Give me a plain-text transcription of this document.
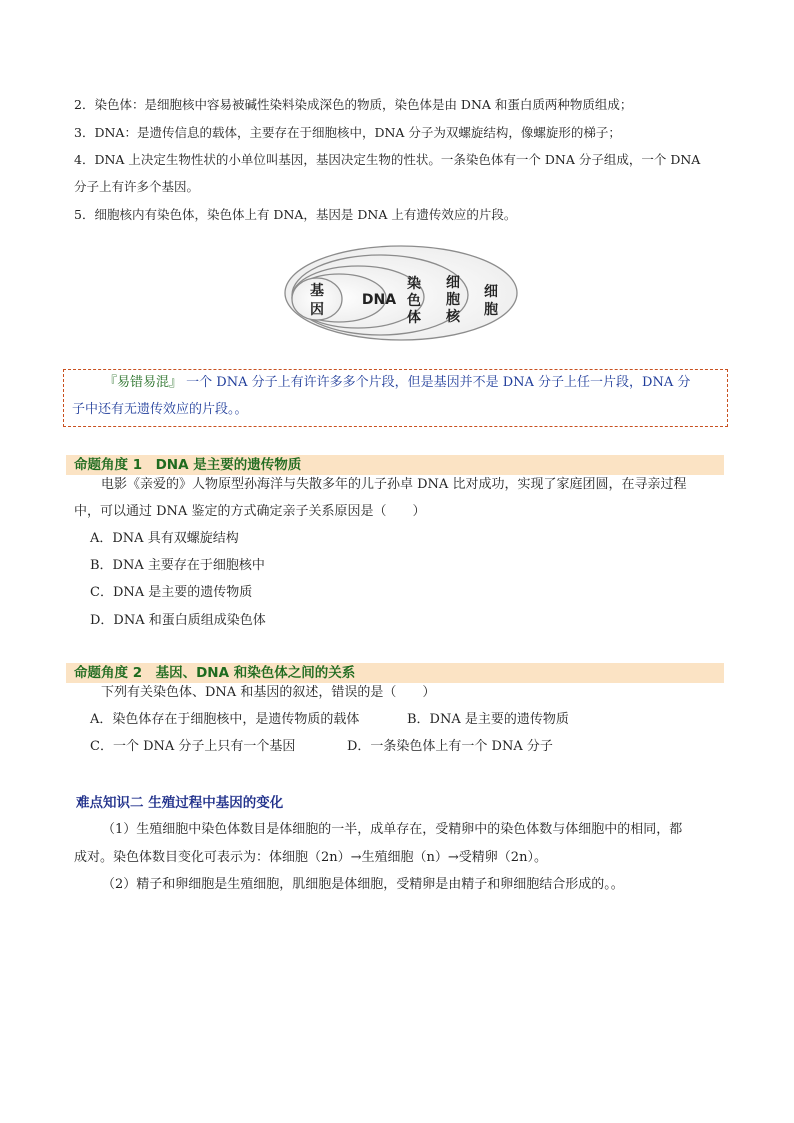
2．染色体：是细胞核中容易被碱性染料染成深色的物质，染色体是由 DNA 和蛋白质两种物质组成；
3．DNA：是遗传信息的载体，主要存在于细胞核中，DNA 分子为双螺旋结构，像螺旋形的梯子；
4．DNA 上决定生物性状的小单位叫基因，基因决定生物的性状。一条染色体有一个 DNA 分子组成，一个 DNA
分子上有许多个基因。
5．细胞核内有染色体，染色体上有 DNA，基因是 DNA 上有遗传效应的片段。
基
因
DNA
染
色
体
细
胞
核
细
胞
『易错易混』 一个 DNA 分子上有许许多多个片段，但是基因并不是 DNA 分子上任一片段，DNA 分
子中还有无遗传效应的片段。。
命题角度 1　DNA 是主要的遗传物质
电影《亲爱的》人物原型孙海洋与失散多年的儿子孙卓 DNA 比对成功，实现了家庭团圆，在寻亲过程
中，可以通过 DNA 鉴定的方式确定亲子关系原因是（　　）
A．DNA 具有双螺旋结构
B．DNA 主要存在于细胞核中
C．DNA 是主要的遗传物质
D．DNA 和蛋白质组成染色体
命题角度 2　基因、DNA 和染色体之间的关系
下列有关染色体、DNA 和基因的叙述，错误的是（　　）
A．染色体存在于细胞核中，是遗传物质的载体	B．DNA 是主要的遗传物质
C．一个 DNA 分子上只有一个基因	D．一条染色体上有一个 DNA 分子
难点知识二 生殖过程中基因的变化
（1）生殖细胞中染色体数目是体细胞的一半，成单存在，受精卵中的染色体数与体细胞中的相同，都
成对。染色体数目变化可表示为：体细胞（2n）→生殖细胞（n）→受精卵（2n）。
（2）精子和卵细胞是生殖细胞，肌细胞是体细胞，受精卵是由精子和卵细胞结合形成的。。
